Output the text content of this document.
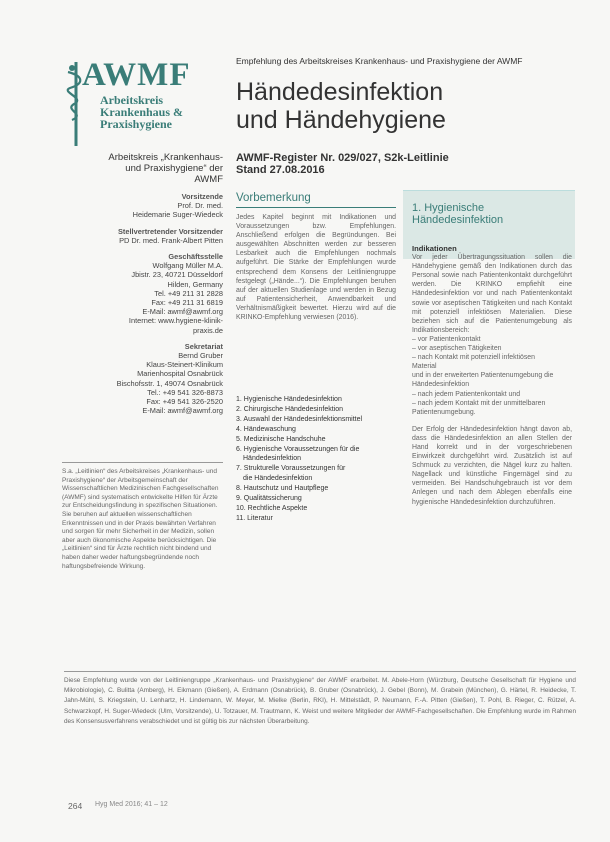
AWMF
Arbeitskreis
Krankenhaus &
Praxishygiene
Arbeitskreis „Krankenhaus-
und Praxishygiene“ der
AWMF
Vorsitzende
Prof. Dr. med.
Heidemarie Suger-Wiedeck
Stellvertretender Vorsitzender
PD Dr. med. Frank-Albert Pitten
Geschäftsstelle
Wolfgang Müller M.A.
Jbistr. 23, 40721 Düsseldorf
Hilden, Germany
Tel. +49 211 31 2828
Fax: +49 211 31 6819
E-Mail: awmf@awmf.org
Internet: www.hygiene-klinik-
praxis.de
Sekretariat
Bernd Gruber
Klaus-Steinert-Klinikum
Marienhospital Osnabrück
Bischofsstr. 1, 49074 Osnabrück
Tel.: +49 541 326-8873
Fax: +49 541 326-2520
E-Mail: awmf@awmf.org
S.a. „Leitlinien“ des Arbeitskreises „Krankenhaus- und Praxishygiene“ der Arbeitsgemeinschaft der Wissenschaftlichen Medizinischen Fachgesellschaften (AWMF) sind systematisch entwickelte Hilfen für Ärzte zur Entscheidungsfindung in spezifischen Situationen. Sie beruhen auf aktuellen wissenschaftlichen Erkenntnissen und in der Praxis bewährten Verfahren und sorgen für mehr Sicherheit in der Medizin, sollen aber auch ökonomische Aspekte berücksichtigen. Die „Leitlinien“ sind für Ärzte rechtlich nicht bindend und haben daher weder haftungsbegründende noch haftungsbefreiende Wirkung.
Empfehlung des Arbeitskreises Krankenhaus- und Praxishygiene der AWMF
Händedesinfektion
und Händehygiene
AWMF-Register Nr. 029/027, S2k-Leitlinie
Stand 27.08.2016
Vorbemerkung
Jedes Kapitel beginnt mit Indikationen und Voraussetzungen bzw. Empfehlungen. Anschließend erfolgen die Begründungen. Bei ausgewählten Abschnitten werden zur besseren Lesbarkeit auch die Empfehlungen nochmals aufgeführt. Die Stärke der Empfehlungen wurde entsprechend dem Konsens der Leitliniengruppe festgelegt („Hände...“). Die Empfehlungen beruhen auf der aktuellen Studienlage und werden in Bezug auf Patientensicherheit, Anwendbarkeit und Verhältnismäßigkeit bewertet. Hierzu wird auf die KRINKO-Empfehlung verwiesen (2016).
1. Hygienische Händedesinfektion
2. Chirurgische Händedesinfektion
3. Auswahl der Händedesinfektionsmittel
4. Händewaschung
5. Medizinische Handschuhe
6. Hygienische Voraussetzungen für die
Händedesinfektion
7. Strukturelle Voraussetzungen für
die Händedesinfektion
8. Hautschutz und Hautpflege
9. Qualitätssicherung
10. Rechtliche Aspekte
11. Literatur
1. Hygienische
Händedesinfektion
Indikationen
Vor jeder Übertragungssituation sollen die Händehygiene gemäß den Indikationen durch das Personal sowie nach Patientenkontakt durchgeführt werden. Die KRINKO empfiehlt eine Händedesinfektion vor und nach Patientenkontakt sowie vor aseptischen Tätigkeiten und nach Kontakt mit potenziell infektiösen Materialien. Diese beziehen sich auf die Patientenumgebung als Indikationsbereich:
– vor Patientenkontakt
– vor aseptischen Tätigkeiten
– nach Kontakt mit potenziell infektiösen
Material
und in der erweiterten Patientenumgebung die Händedesinfektion
– nach jedem Patientenkontakt und
– nach jedem Kontakt mit der unmittelbaren Patientenumgebung.
Der Erfolg der Händedesinfektion hängt davon ab, dass die Händedesinfektion an allen Stellen der Hand korrekt und in der vorgeschriebenen Einwirkzeit durchgeführt wird. Zusätzlich ist auf Schmuck zu verzichten, die Nägel kurz zu halten. Nagellack und künstliche Fingernägel sind zu vermeiden. Bei Handschuhgebrauch ist vor dem Anlegen und nach dem Ablegen ebenfalls eine hygienische Händedesinfektion durchzuführen.
Diese Empfehlung wurde von der Leitliniengruppe „Krankenhaus- und Praxishygiene“ der AWMF erarbeitet. M. Abele-Horn (Würzburg, Deutsche Gesellschaft für Hygiene und Mikrobiologie), C. Bulitta (Amberg), H. Eikmann (Gießen), A. Erdmann (Osnabrück), B. Gruber (Osnabrück), J. Gebel (Bonn), M. Grabein (München), G. Härtel, R. Heidecke, T. Jahn-Mühl, S. Kriegstein, U. Lenhartz, H. Lindemann, W. Meyer, M. Mielke (Berlin, RKI), H. Mittelstädt, P. Neumann, F.-A. Pitten (Gießen), T. Pohl, B. Rieger, C. Rützel, A. Schwarzkopf, H. Suger-Wiedeck (Ulm, Vorsitzende), U. Totzauer, M. Trautmann, K. Weist und weitere Mitglieder der AWMF-Fachgesellschaften. Die Empfehlung wurde im Rahmen des Konsensusverfahrens verabschiedet und ist gültig bis zur nächsten Überarbeitung.
264 Hyg Med 2016; 41 – 12
